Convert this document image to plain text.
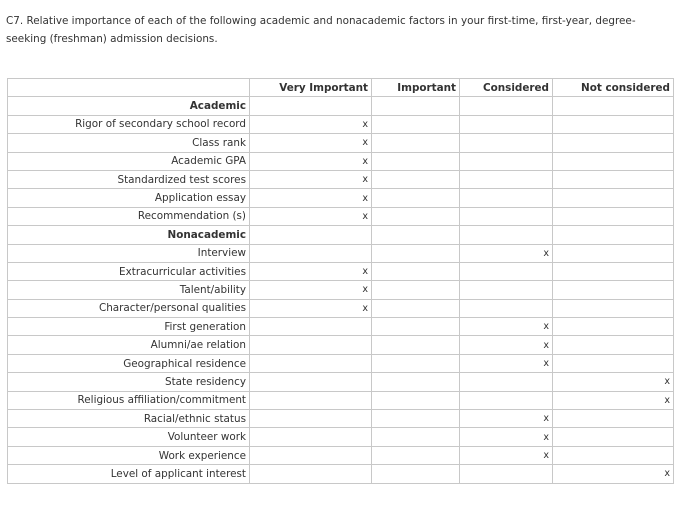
C7. Relative importance of each of the following academic and nonacademic factors in your first-time, first-year, degree-seeking (freshman) admission decisions.
	Very Important	Important	Considered	Not considered
Academic				
Rigor of secondary school record	x			
Class rank	x			
Academic GPA	x			
Standardized test scores	x			
Application essay	x			
Recommendation (s)	x			
Nonacademic				
Interview			x	
Extracurricular activities	x			
Talent/ability	x			
Character/personal qualities	x			
First generation			x	
Alumni/ae relation			x	
Geographical residence			x	
State residency				x
Religious affiliation/commitment				x
Racial/ethnic status			x	
Volunteer work			x	
Work experience			x	
Level of applicant interest				x
